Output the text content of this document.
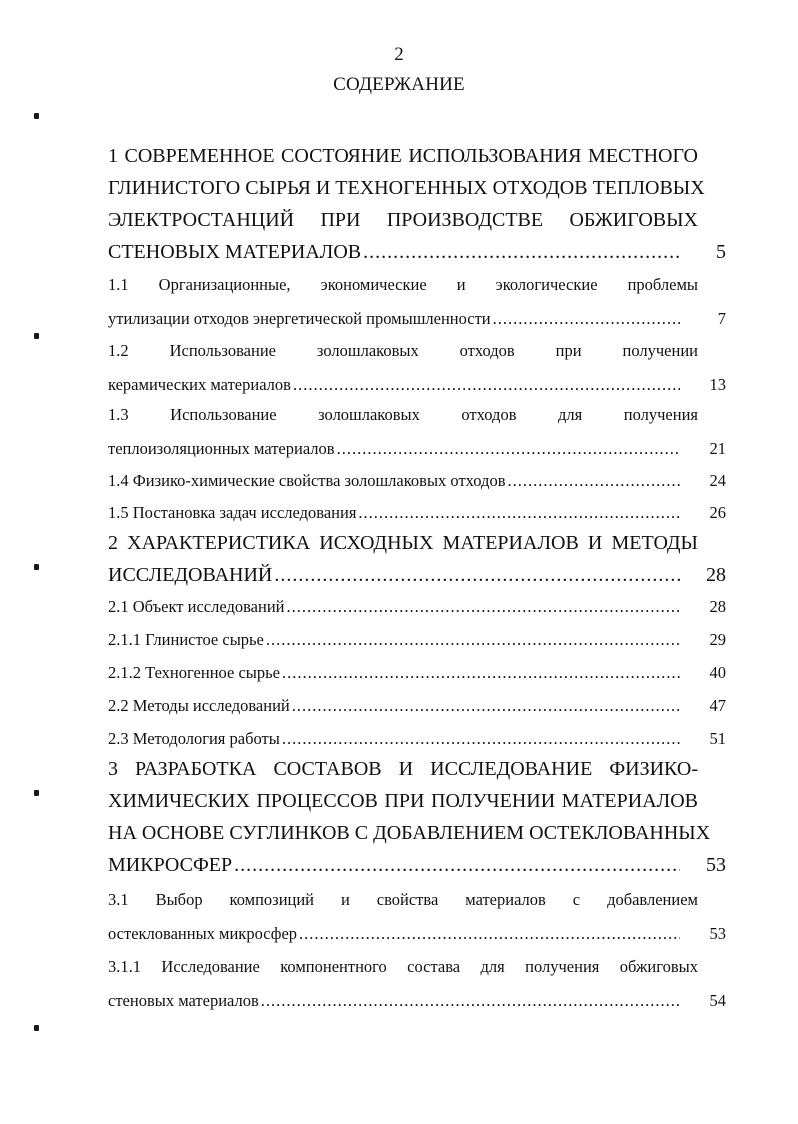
2
СОДЕРЖАНИЕ
1 СОВРЕМЕННОЕ СОСТОЯНИЕ ИСПОЛЬЗОВАНИЯ МЕСТНОГО
ГЛИНИСТОГО СЫРЬЯ И ТЕХНОГЕННЫХ ОТХОДОВ ТЕПЛОВЫХ
ЭЛЕКТРОСТАНЦИЙ ПРИ ПРОИЗВОДСТВЕ ОБЖИГОВЫХ
СТЕНОВЫХ МАТЕРИАЛОВ .....	5
1.1 Организационные, экономические и экологические проблемы
утилизации отходов энергетической промышленности .....	7
1.2 Использование золошлаковых отходов при получении
керамических материалов .....	13
1.3 Использование золошлаковых отходов для получения
теплоизоляционных материалов .....	21
1.4 Физико-химические свойства золошлаковых отходов .....	24
1.5 Постановка задач исследования .....	26
2 ХАРАКТЕРИСТИКА ИСХОДНЫХ МАТЕРИАЛОВ И МЕТОДЫ
ИССЛЕДОВАНИЙ .....	28
2.1 Объект исследований .....	28
2.1.1 Глинистое сырье .....	29
2.1.2 Техногенное сырье .....	40
2.2 Методы исследований .....	47
2.3 Методология работы .....	51
3 РАЗРАБОТКА СОСТАВОВ И ИССЛЕДОВАНИЕ ФИЗИКО-
ХИМИЧЕСКИХ ПРОЦЕССОВ ПРИ ПОЛУЧЕНИИ МАТЕРИАЛОВ
НА ОСНОВЕ СУГЛИНКОВ С ДОБАВЛЕНИЕМ ОСТЕКЛОВАННЫХ
МИКРОСФЕР .....	53
3.1 Выбор композиций и свойства материалов с добавлением
остеклованных микросфер .....	53
3.1.1 Исследование компонентного состава для получения обжиговых
стеновых материалов .....	54
